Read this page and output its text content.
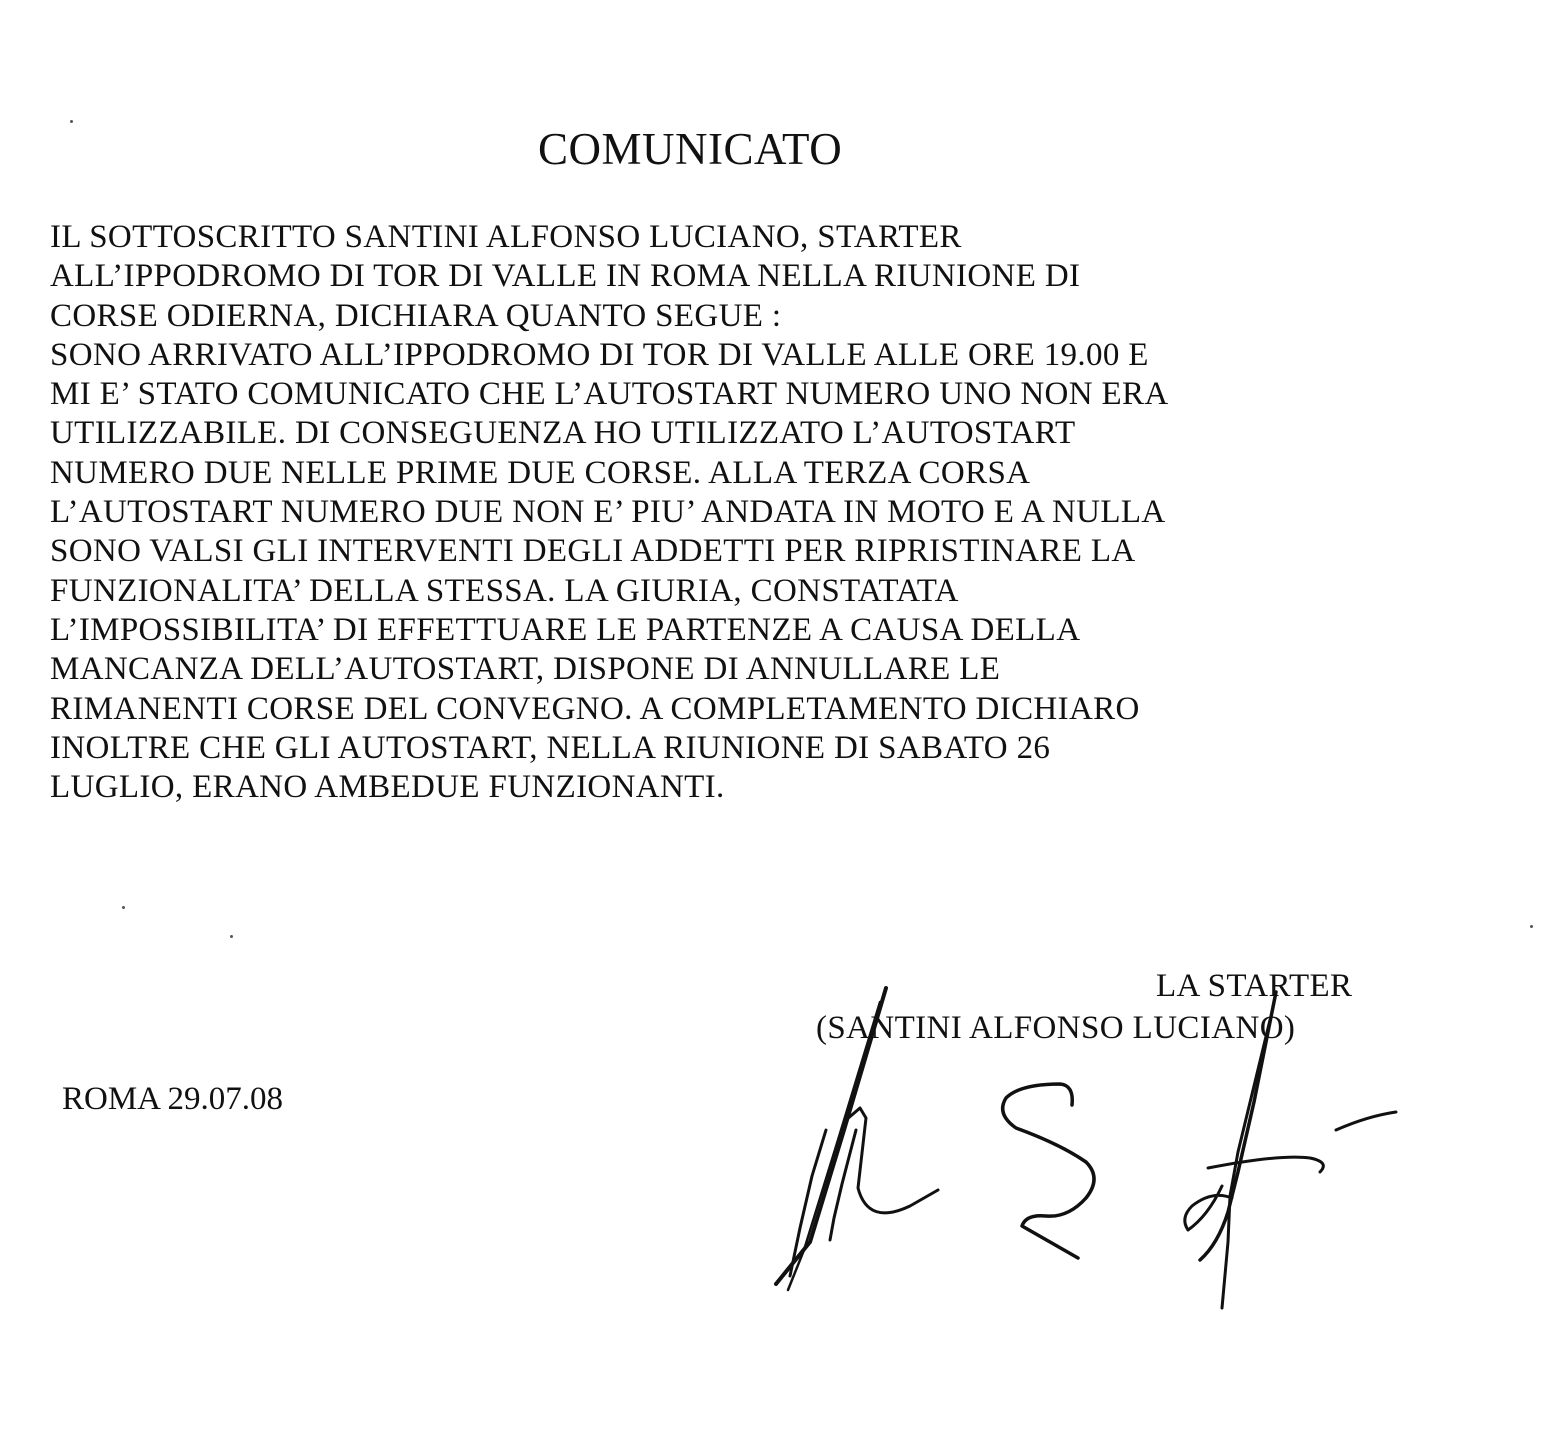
COMUNICATO
IL SOTTOSCRITTO SANTINI ALFONSO LUCIANO, STARTER
ALL’IPPODROMO DI TOR DI VALLE IN ROMA NELLA RIUNIONE DI
CORSE ODIERNA, DICHIARA QUANTO SEGUE :
SONO ARRIVATO ALL’IPPODROMO DI TOR DI VALLE ALLE ORE 19.00 E
MI E’ STATO COMUNICATO CHE L’AUTOSTART NUMERO UNO NON ERA
UTILIZZABILE. DI CONSEGUENZA HO UTILIZZATO L’AUTOSTART
NUMERO DUE NELLE PRIME DUE CORSE. ALLA TERZA CORSA
L’AUTOSTART NUMERO DUE NON E’ PIU’ ANDATA IN MOTO E A NULLA
SONO VALSI GLI INTERVENTI DEGLI ADDETTI PER RIPRISTINARE LA
FUNZIONALITA’ DELLA STESSA. LA GIURIA, CONSTATATA
L’IMPOSSIBILITA’ DI EFFETTUARE LE PARTENZE A CAUSA DELLA
MANCANZA DELL’AUTOSTART, DISPONE DI ANNULLARE LE
RIMANENTI CORSE DEL CONVEGNO. A COMPLETAMENTO DICHIARO
INOLTRE CHE GLI AUTOSTART, NELLA RIUNIONE DI SABATO 26
LUGLIO, ERANO AMBEDUE FUNZIONANTI.
LA STARTER
(SANTINI ALFONSO LUCIANO)
ROMA 29.07.08
